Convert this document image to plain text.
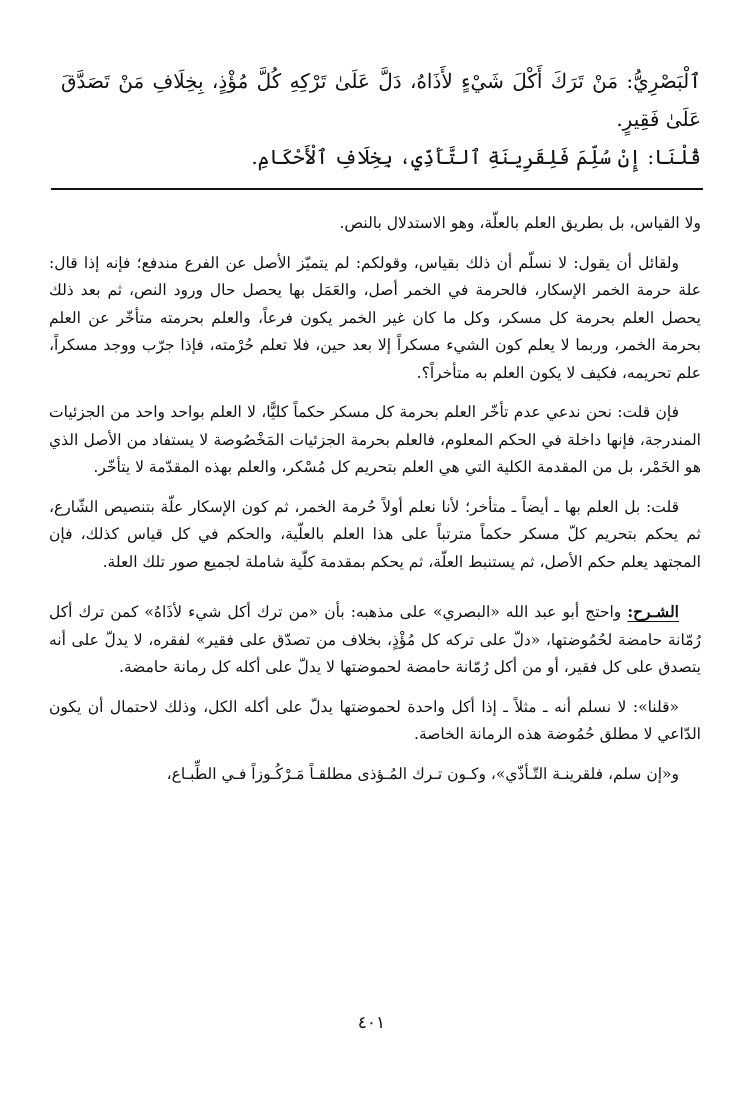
ٱلْبَصْرِيُّ: مَنْ تَرَكَ أَكْلَ شَيْءٍ لأَذَاهُ، دَلَّ عَلَىٰ تَرْكِهِ كُلَّ مُؤْذٍ، بِخِلَافِ مَنْ تَصَدَّقَ عَلَىٰ فَقِيرٍ.

قُلْنَا: إِنْ سُلِّمَ فَلِقَرِينَةِ ٱلتَّأَذِّي، بِخِلَافِ ٱلْأَحْكَامِ.

ولا القياس، بل بطريق العلم بالعلّة، وهو الاستدلال بالنص.

ولقائل أن يقول: لا نسلّم أن ذلك بقياس، وقولكم: لم يتميّز الأصل عن الفرع مندفع؛ فإنه إذا قال: علة حرمة الخمر الإسكار، فالحرمة في الخمر أصل، والعَمَل بها يحصل حال ورود النص، ثم بعد ذلك يحصل العلم بحرمة كل مسكر، وكل ما كان غير الخمر يكون فرعاً، والعلم بحرمته متأخّر عن العلم بحرمة الخمر، وربما لا يعلم كون الشيء مسكراً إلا بعد حين، فلا تعلم حُرْمته، فإذا جرّب ووجد مسكراً، علم تحريمه، فكيف لا يكون العلم به متأخراً؟.

فإن قلت: نحن ندعي عدم تأخّر العلم بحرمة كل مسكر حكماً كليًّا، لا العلم بواحد واحد من الجزئيات المندرجة، فإنها داخلة في الحكم المعلوم، فالعلم بحرمة الجزئيات المَخْصُوصة لا يستفاد من الأصل الذي هو الخَمْر، بل من المقدمة الكلية التي هي العلم بتحريم كل مُسْكر، والعلم بهذه المقدّمة لا يتأخّر.

قلت: بل العلم بها ـ أيضاً ـ متأخر؛ لأنا نعلم أولاً حُرمة الخمر، ثم كون الإسكار علّة بتنصيص الشّارع، ثم يحكم بتحريم كلّ مسكر حكماً مترتباً على هذا العلم بالعلّية، والحكم في كل قياس كذلك، فإن المجتهد يعلم حكم الأصل، ثم يستنبط العلّة، ثم يحكم بمقدمة كلّية شاملة لجميع صور تلك العلة.

الشـرح: واحتج أبو عبد الله «البصري» على مذهبه: بأن «من ترك أكل شيء لأذَاهُ» كمن ترك أكل رُمّانة حامضة لحُمُوضتها، «دلّ على تركه كل مُؤْذٍ، بخلاف من تصدّق على فقير» لفقره، لا يدلّ على أنه يتصدق على كل فقير، أو من أكل رُمّانة حامضة لحموضتها لا يدلّ على أكله كل رمانة حامضة.

«قلنا»: لا نسلم أنه ـ مثلاً ـ إذا أكل واحدة لحموضتها يدلّ على أكله الكل، وذلك لاحتمال أن يكون الدّاعي لا مطلق حُمُوضة هذه الرمانة الخاصة.

و«إن سلم، فلقرينـة التّـأذّي»، وكـون تـرك المُـؤذى مطلقـاً مَـرْكُـوزاً فـي الطِّبـاع،

٤٠١
